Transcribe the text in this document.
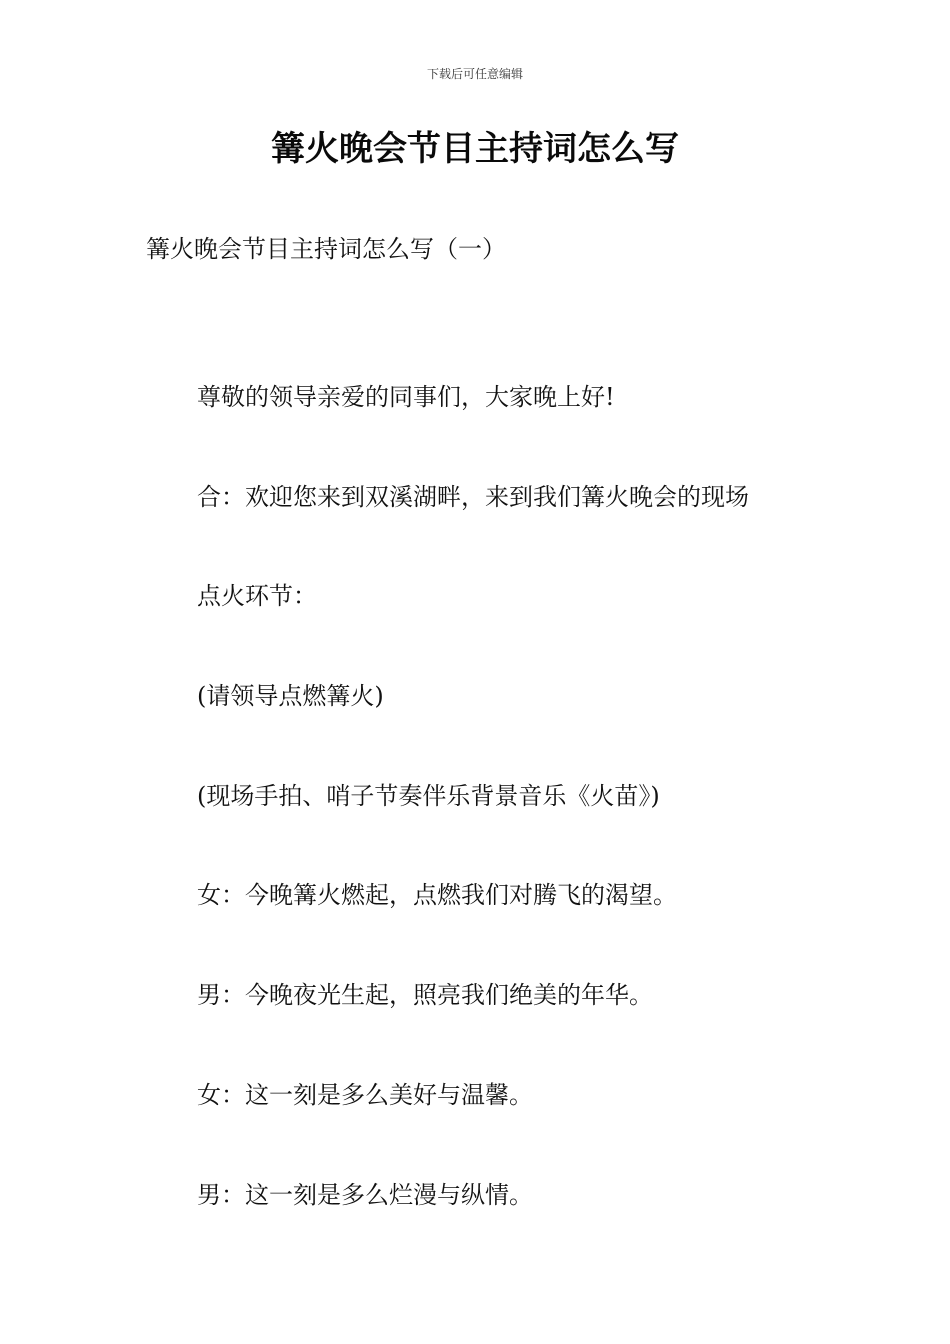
下载后可任意编辑
篝火晚会节目主持词怎么写
篝火晚会节目主持词怎么写（一）
尊敬的领导亲爱的同事们，大家晚上好!
合：欢迎您来到双溪湖畔，来到我们篝火晚会的现场
点火环节：
(请领导点燃篝火)
(现场手拍、哨子节奏伴乐背景音乐《火苗》)
女：今晚篝火燃起，点燃我们对腾飞的渴望。
男：今晚夜光生起，照亮我们绝美的年华。
女：这一刻是多么美好与温馨。
男：这一刻是多么烂漫与纵情。
